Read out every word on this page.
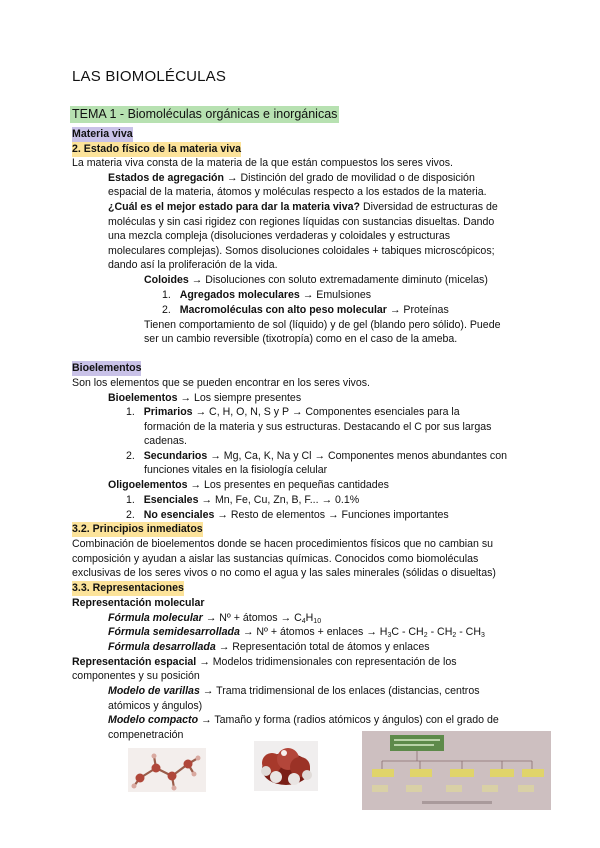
LAS BIOMOLÉCULAS
TEMA 1 - Biomoléculas orgánicas e inorgánicas
Materia viva
2. Estado físico de la materia viva
La materia viva consta de la materia de la que están compuestos los seres vivos.
Estados de agregación → Distinción del grado de movilidad o de disposición
espacial de la materia, átomos y moléculas respecto a los estados de la materia.
¿Cuál es el mejor estado para dar la materia viva? Diversidad de estructuras de
moléculas y sin casi rigidez con regiones líquidas con sustancias disueltas. Dando
una mezcla compleja (disoluciones verdaderas y coloidales y estructuras
moleculares complejas). Somos disoluciones coloidales + tabiques microscópicos;
dando así la proliferación de la vida.
Coloides → Disoluciones con soluto extremadamente diminuto (micelas)
1. Agregados moleculares → Emulsiones
2. Macromoléculas con alto peso molecular → Proteínas
Tienen comportamiento de sol (líquido) y de gel (blando pero sólido). Puede
ser un cambio reversible (tixotropía) como en el caso de la ameba.
Bioelementos
Son los elementos que se pueden encontrar en los seres vivos.
Bioelementos → Los siempre presentes
1. Primarios → C, H, O, N, S y P → Componentes esenciales para la
formación de la materia y sus estructuras. Destacando el C por sus largas
cadenas.
2. Secundarios → Mg, Ca, K, Na y Cl → Componentes menos abundantes con
funciones vitales en la fisiología celular
Oligoelementos → Los presentes en pequeñas cantidades
1. Esenciales → Mn, Fe, Cu, Zn, B, F... → 0.1%
2. No esenciales → Resto de elementos → Funciones importantes
3.2. Principios inmediatos
Combinación de bioelementos donde se hacen procedimientos físicos que no cambian su
composición y ayudan a aislar las sustancias químicas. Conocidos como biomoléculas
exclusivas de los seres vivos o no como el agua y las sales minerales (sólidas o disueltas)
3.3. Representaciones
Representación molecular
Fórmula molecular → Nº + átomos → $C_4H_{10}$
Fórmula semidesarrollada → Nº + átomos + enlaces → $H_3C - CH_2 - CH_2 - CH_3$
Fórmula desarrollada → Representación total de átomos y enlaces
Representación espacial → Modelos tridimensionales con representación de los
componentes y su posición
Modelo de varillas → Trama tridimensional de los enlaces (distancias, centros
atómicos y ángulos)
Modelo compacto → Tamaño y forma (radios atómicos y ángulos) con el grado de
compenetración
